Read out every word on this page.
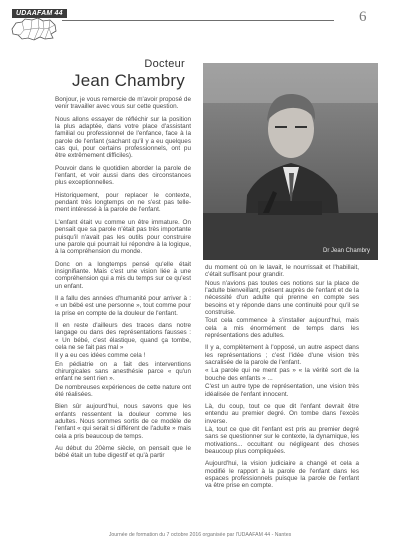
UDAAFAM 44	6
Docteur
Jean Chambry
Dr Jean Chambry

Bonjour, je vous remercie de m'avoir proposé de venir travailler avec vous sur cette question.

Nous allons essayer de réfléchir sur la position la plus adaptée, dans votre place d'assistant familial ou professionnel de l'enfance, face à la parole de l'enfant (sachant qu'il y a eu quelques cas qui, pour certains professionnels, ont pu être extrêmement difficiles).

Pouvoir dans le quotidien aborder la parole de l'enfant, et voir aussi dans des circonstances plus exceptionnelles.

Historiquement, pour replacer le contexte, pendant très longtemps on ne s'est pas telle-ment intéressé à la parole de l'enfant.

L'enfant était vu comme un être immature. On pensait que sa parole n'était pas très importante puisqu'il n'avait pas les outils pour construire une parole qui pourrait lui répondre à la logique, à la compréhension du monde.

Donc on a longtemps pensé qu'elle était insignifiante. Mais c'est une vision liée à une compréhension qui a mis du temps sur ce qu'est un enfant.

Il a fallu des années d'humanité pour arriver à : « un bébé est une personne », tout comme pour la prise en compte de la douleur de l'enfant.

Il en reste d'ailleurs des traces dans notre langage ou dans des représentations fausses : « Un bébé, c'est élastique, quand ça tombe, cela ne se fait pas mal »

Il y a eu ces idées comme cela !

En pédiatrie on a fait des interventions chirurgicales sans anesthésie parce « qu'un enfant ne sent rien ».

De nombreuses expériences de cette nature ont été réalisées.

Bien sûr aujourd'hui, nous savons que les enfants ressentent la douleur comme les adultes. Nous sommes sortis de ce modèle de l'enfant « qui serait si différent de l'adulte » mais cela a pris beaucoup de temps.

Au début du 20ème siècle, on pensait que le bébé était un tube digestif et qu'à partir

du moment où on le lavait, le nourrissait et l'habillait, c'était suffisant pour grandir.

Nous n'avions pas toutes ces notions sur la place de l'adulte bienveillant, présent auprès de l'enfant et de la nécessité d'un adulte qui prenne en compte ses besoins et y réponde dans une continuité pour qu'il se construise.

Tout cela commence à s'installer aujourd'hui, mais cela a mis énormément de temps dans les représentations des adultes.

Il y a, complètement à l'opposé, un autre aspect dans les représentations ; c'est l'idée d'une vision très sacralisée de la parole de l'enfant.

« La parole qui ne ment pas » « la vérité sort de la bouche des enfants » ...

C'est un autre type de représentation, une vision très idéalisée de l'enfant innocent.

Là, du coup, tout ce que dit l'enfant devrait être entendu au premier degré. On tombe dans l'excès inverse.

Là, tout ce que dit l'enfant est pris au premier degré sans se questionner sur le contexte, la dynamique, les motivations... occultant ou négligeant des choses beaucoup plus compliquées.

Aujourd'hui, la vision judiciaire a changé et cela a modifié le rapport à la parole de l'enfant dans les espaces professionnels puisque la parole de l'enfant va être prise en compte.

Journée de formation du 7 octobre 2016 organisée par l'UDAAFAM 44 - Nantes
